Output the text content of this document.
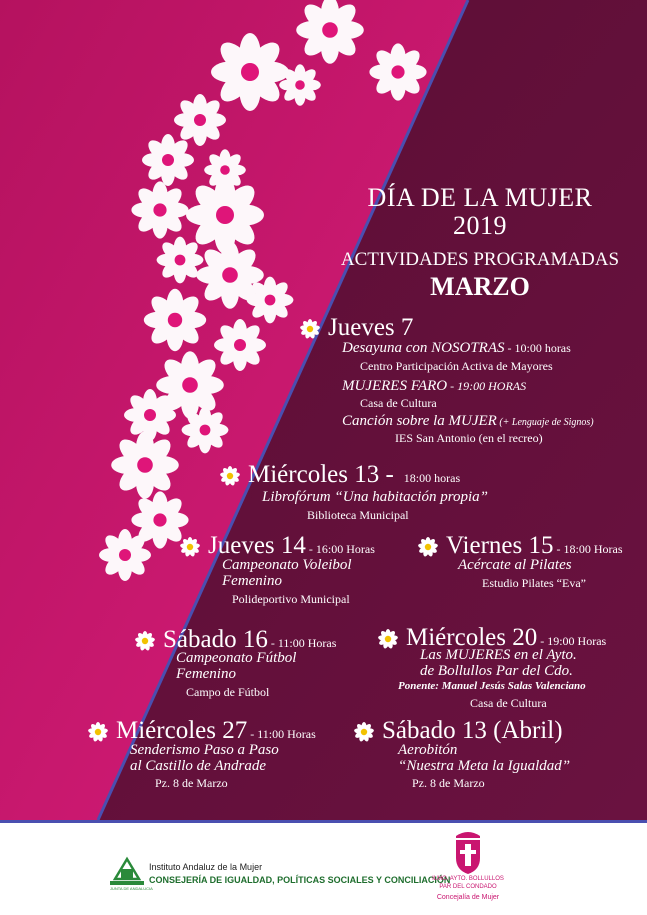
DÍA DE LA MUJER
2019
ACTIVIDADES PROGRAMADAS
MARZO
Jueves 7
Desayuna con NOSOTRAS - 10:00 horas
Centro Participación Activa de Mayores
MUJERES FARO - 19:00 HORAS
Casa de Cultura
Canción sobre la MUJER (+ Lenguaje de Signos)
IES San Antonio (en el recreo)
Miércoles 13 - 18:00 horas
Librofórum “Una habitación propia”
Biblioteca Municipal
Jueves 14 - 16:00 Horas
Campeonato Voleibol
Femenino
Polideportivo Municipal
Viernes 15 - 18:00 Horas
Acércate al Pilates
Estudio Pilates “Eva”
Sábado 16 - 11:00 Horas
Campeonato Fútbol
Femenino
Campo de Fútbol
Miércoles 20 - 19:00 Horas
Las MUJERES en el Ayto.
de Bollullos Par del Cdo.
Ponente: Manuel Jesús Salas Valenciano
Casa de Cultura
Miércoles 27 - 11:00 Horas
Senderismo Paso a Paso
al Castillo de Andrade
Pz. 8 de Marzo
Sábado 13 (Abril)
Aerobitón
“Nuestra Meta la Igualdad”
Pz. 8 de Marzo
JUNTA DE ANDALUCIA
Instituto Andaluz de la Mujer
CONSEJERÍA DE IGUALDAD, POLÍTICAS SOCIALES Y CONCILIACIÓN
ILMO. AYTO. BOLLULLOS
PAR DEL CONDADO
Concejalía de Mujer
